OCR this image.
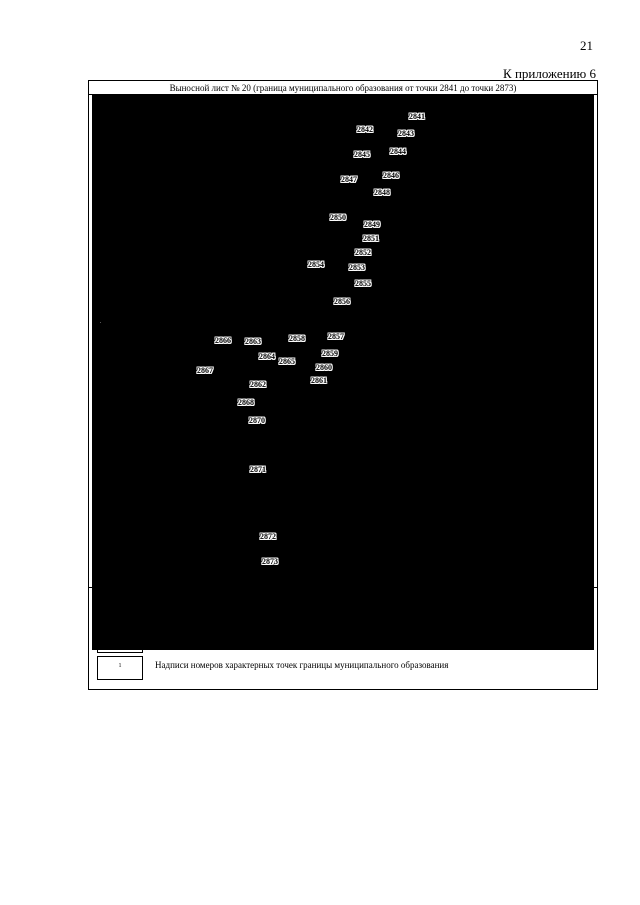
21
К приложению 6
Выносной лист № 20 (граница муниципального образования от точки 2841 до точки 2873)
2841
2842	2843
2844
2845
2846
2847
2848
2849
2850
2851
2852
2853
2854
2855
2856
2857
2858
2859
2860
2861
2862
2863
2864
2865
2866
2867
2868
2869
2870
2871
2872
2873
Масштаб 1:25000
Условные обозначения:
Граница муниципального образования
Характерная точка границы муниципального образования
1	Надписи номеров характерных точек границы муниципального образования
